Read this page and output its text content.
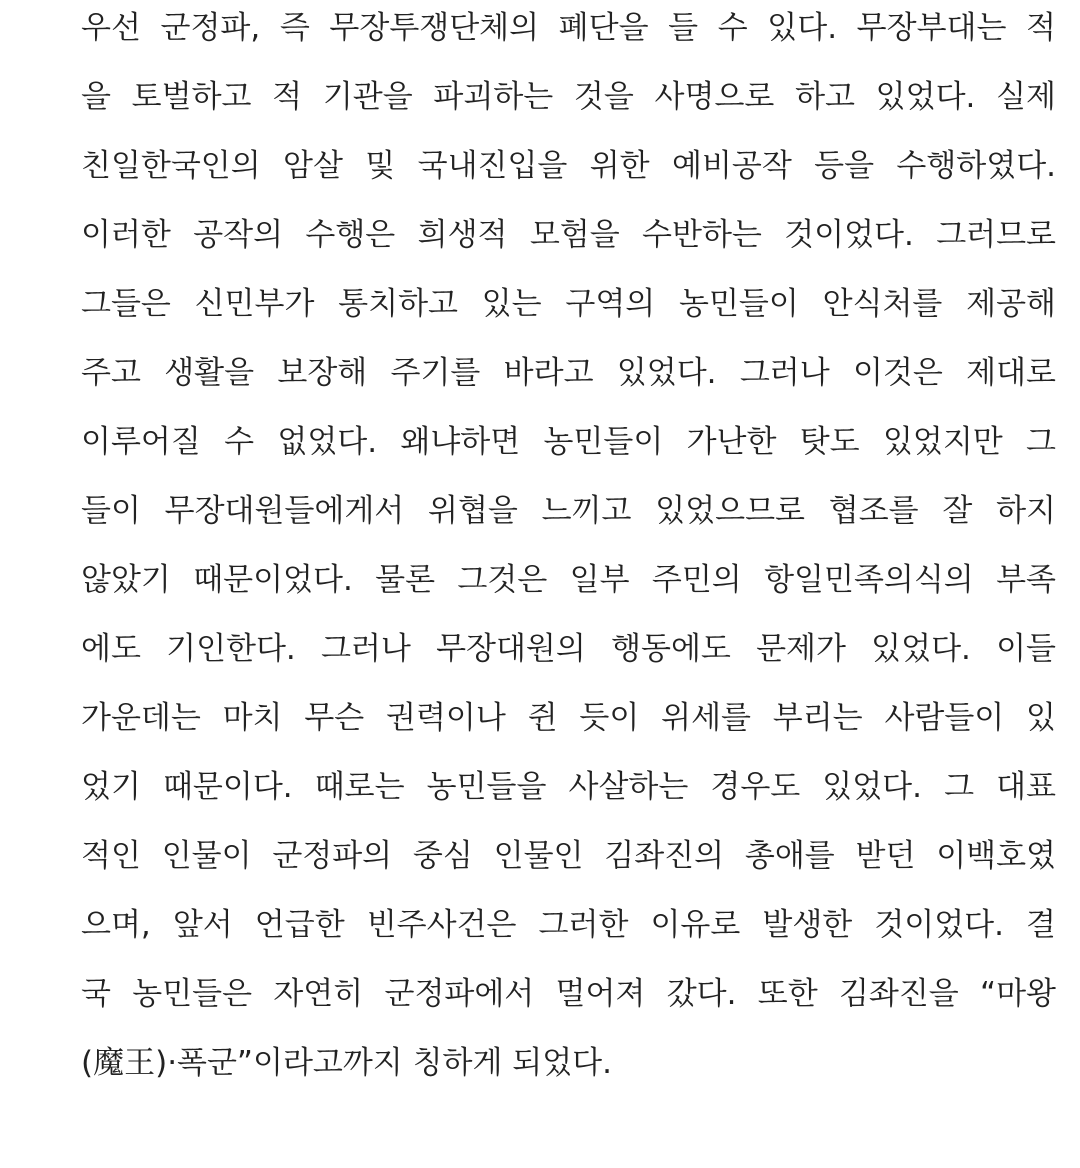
우선 군정파, 즉 무장투쟁단체의 폐단을 들 수 있다. 무장부대는 적
을 토벌하고 적 기관을 파괴하는 것을 사명으로 하고 있었다. 실제
친일한국인의 암살 및 국내진입을 위한 예비공작 등을 수행하였다.
이러한 공작의 수행은 희생적 모험을 수반하는 것이었다. 그러므로
그들은 신민부가 통치하고 있는 구역의 농민들이 안식처를 제공해
주고 생활을 보장해 주기를 바라고 있었다. 그러나 이것은 제대로
이루어질 수 없었다. 왜냐하면 농민들이 가난한 탓도 있었지만 그
들이 무장대원들에게서 위협을 느끼고 있었으므로 협조를 잘 하지
않았기 때문이었다. 물론 그것은 일부 주민의 항일민족의식의 부족
에도 기인한다. 그러나 무장대원의 행동에도 문제가 있었다. 이들
가운데는 마치 무슨 권력이나 쥔 듯이 위세를 부리는 사람들이 있
었기 때문이다. 때로는 농민들을 사살하는 경우도 있었다. 그 대표
적인 인물이 군정파의 중심 인물인 김좌진의 총애를 받던 이백호였
으며, 앞서 언급한 빈주사건은 그러한 이유로 발생한 것이었다. 결
국 농민들은 자연히 군정파에서 멀어져 갔다. 또한 김좌진을 “마왕
(魔王)·폭군”이라고까지 칭하게 되었다.
